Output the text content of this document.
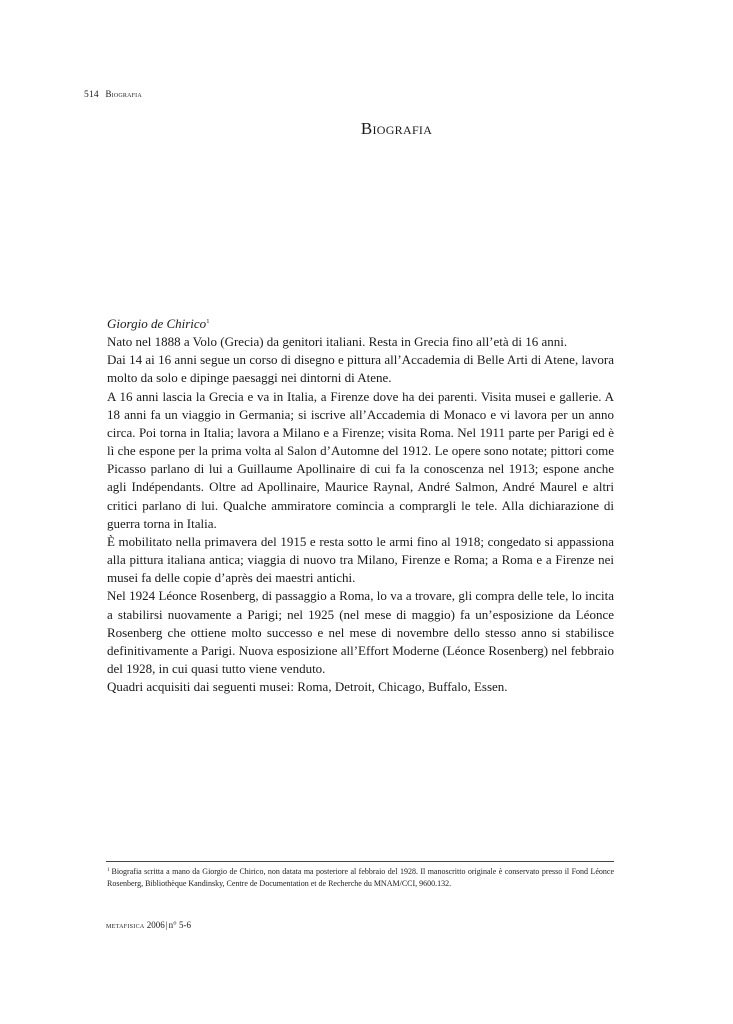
514 Biografia
Biografia

Giorgio de Chirico$^1$

Nato nel 1888 a Volo (Grecia) da genitori italiani. Resta in Grecia fino all’età di 16 anni.

Dai 14 ai 16 anni segue un corso di disegno e pittura all’Accademia di Belle Arti di Atene, lavora molto da solo e dipinge paesaggi nei dintorni di Atene.

A 16 anni lascia la Grecia e va in Italia, a Firenze dove ha dei parenti. Visita musei e gallerie. A 18 anni fa un viaggio in Germania; si iscrive all’Accademia di Monaco e vi lavora per un anno circa. Poi torna in Italia; lavora a Milano e a Firenze; visita Roma. Nel 1911 parte per Parigi ed è lì che espone per la prima volta al Salon d’Automne del 1912. Le opere sono notate; pittori come Picasso parlano di lui a Guillaume Apollinaire di cui fa la conoscenza nel 1913; espone anche agli Indépendants. Oltre ad Apollinaire, Maurice Raynal, André Salmon, André Maurel e altri critici parlano di lui. Qualche ammiratore comincia a comprargli le tele. Alla dichiarazione di guerra torna in Italia.

È mobilitato nella primavera del 1915 e resta sotto le armi fino al 1918; congedato si appassiona alla pittura italiana antica; viaggia di nuovo tra Milano, Firenze e Roma; a Roma e a Firenze nei musei fa delle copie d’après dei maestri antichi.

Nel 1924 Léonce Rosenberg, di passaggio a Roma, lo va a trovare, gli compra delle tele, lo incita a stabilirsi nuovamente a Parigi; nel 1925 (nel mese di maggio) fa un’esposizione da Léonce Rosenberg che ottiene molto successo e nel mese di novembre dello stesso anno si stabilisce definitivamente a Parigi. Nuova esposizione all’Effort Moderne (Léonce Rosenberg) nel febbraio del 1928, in cui quasi tutto viene venduto.

Quadri acquisiti dai seguenti musei: Roma, Detroit, Chicago, Buffalo, Essen.

$^1$ Biografia scritta a mano da Giorgio de Chirico, non datata ma posteriore al febbraio del 1928. Il manoscritto originale è conservato presso il Fond Léonce Rosenberg, Bibliothèque Kandinsky, Centre de Documentation et de Recherche du MNAM/CCI, 9600.132.
metafisica 2006|n° 5-6
